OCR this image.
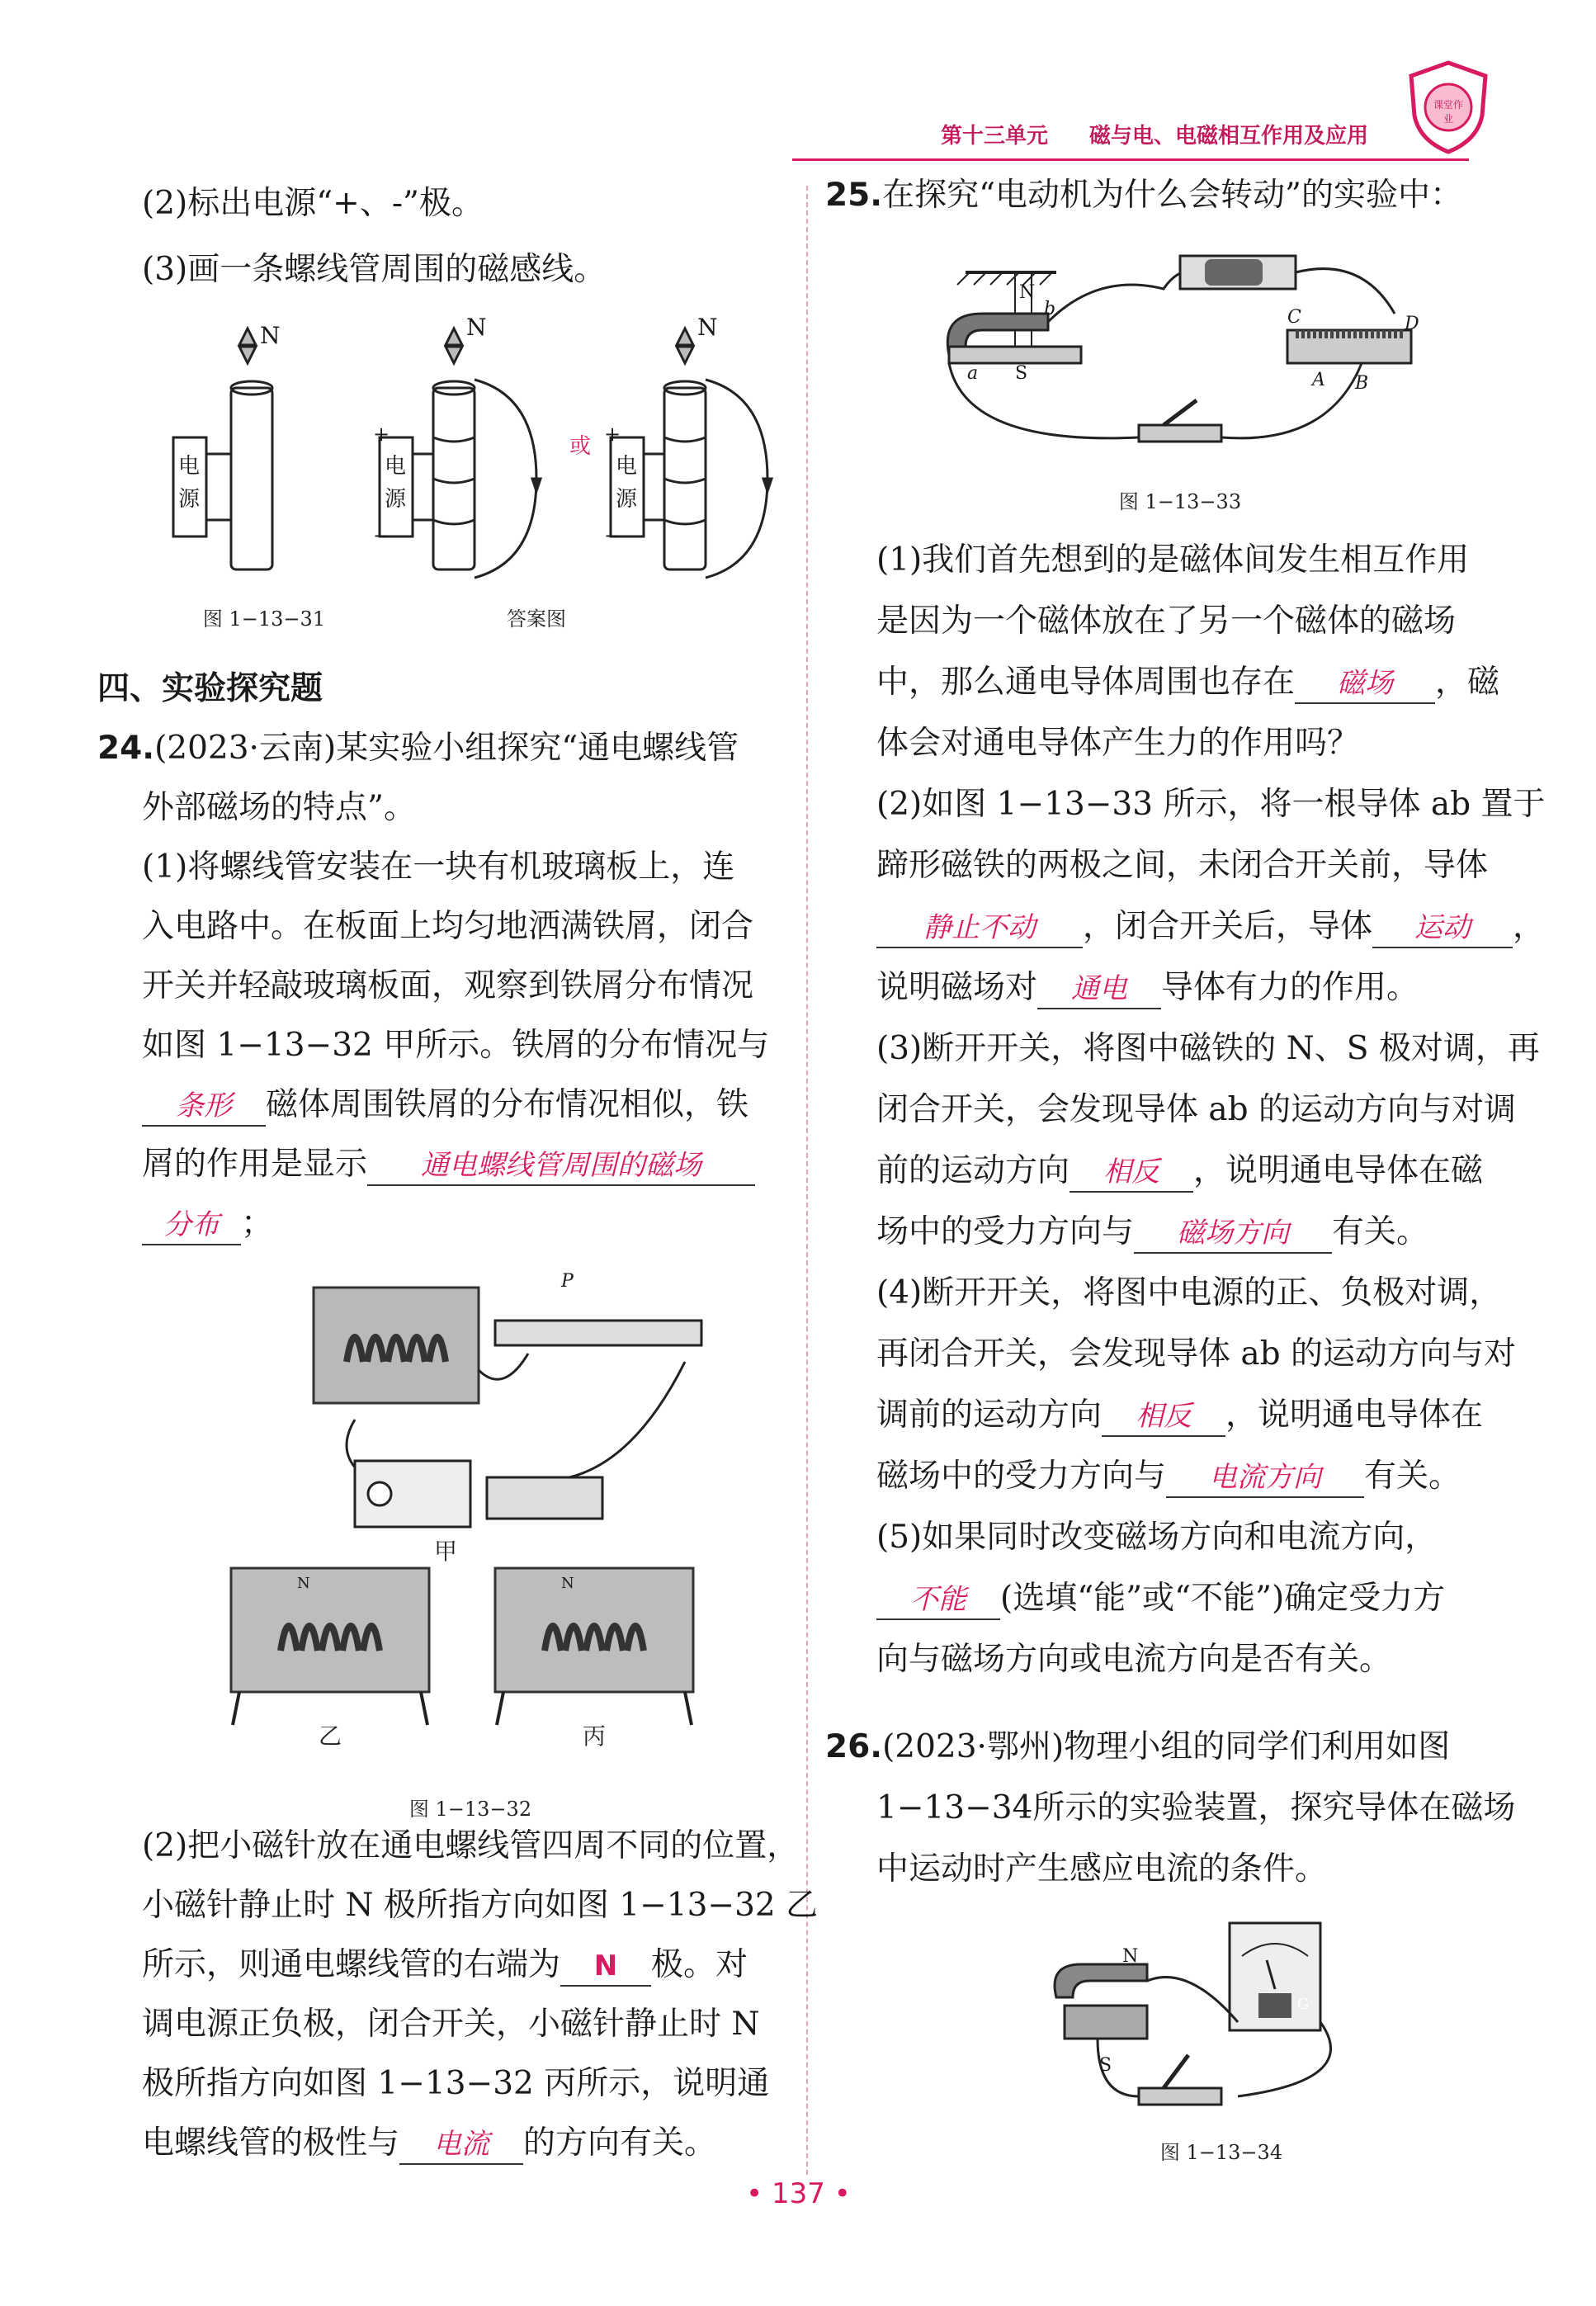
第十三单元 磁与电、电磁相互作用及应用
课堂作业
(2)标出电源“+、-”极。
(3)画一条螺线管周围的磁感线。
N	N	N
电源
电源
电源
+
−
+
−
或
图 1−13−31	答案图
四、实验探究题
24.(2023·云南)某实验小组探究“通电螺线管
外部磁场的特点”。
(1)将螺线管安装在一块有机玻璃板上，连
入电路中。在板面上均匀地洒满铁屑，闭合
开关并轻敲玻璃板面，观察到铁屑分布情况
如图 1−13−32 甲所示。铁屑的分布情况与
条形 磁体周围铁屑的分布情况相似，铁
屑的作用是显示 通电螺线管周围的磁场
分布 ；
P
N	N
甲
乙	丙
图 1−13−32
(2)把小磁针放在通电螺线管四周不同的位置，
小磁针静止时 N 极所指方向如图 1−13−32 乙
所示，则通电螺线管的右端为 N 极。对
调电源正负极，闭合开关，小磁针静止时 N
极所指方向如图 1−13−32 丙所示，说明通
电螺线管的极性与 电流 的方向有关。
25.在探究“电动机为什么会转动”的实验中：
N
S
a
b	C	D
A B
图 1−13−33
(1)我们首先想到的是磁体间发生相互作用
是因为一个磁体放在了另一个磁体的磁场
中，那么通电导体周围也存在 磁场 ，磁
体会对通电导体产生力的作用吗？
(2)如图 1−13−33 所示，将一根导体 ab 置于
蹄形磁铁的两极之间，未闭合开关前，导体
静止不动 ，闭合开关后，导体 运动 ，
说明磁场对 通电 导体有力的作用。
(3)断开开关，将图中磁铁的 N、S 极对调，再
闭合开关，会发现导体 ab 的运动方向与对调
前的运动方向 相反 ，说明通电导体在磁
场中的受力方向与 磁场方向 有关。
(4)断开开关，将图中电源的正、负极对调，
再闭合开关，会发现导体 ab 的运动方向与对
调前的运动方向 相反 ，说明通电导体在
磁场中的受力方向与 电流方向 有关。
(5)如果同时改变磁场方向和电流方向，
不能 (选填“能”或“不能”)确定受力方
向与磁场方向或电流方向是否有关。
26.(2023·鄂州)物理小组的同学们利用如图
1−13−34所示的实验装置，探究导体在磁场
中运动时产生感应电流的条件。
N
S
G
图 1−13−34
• 137 •
